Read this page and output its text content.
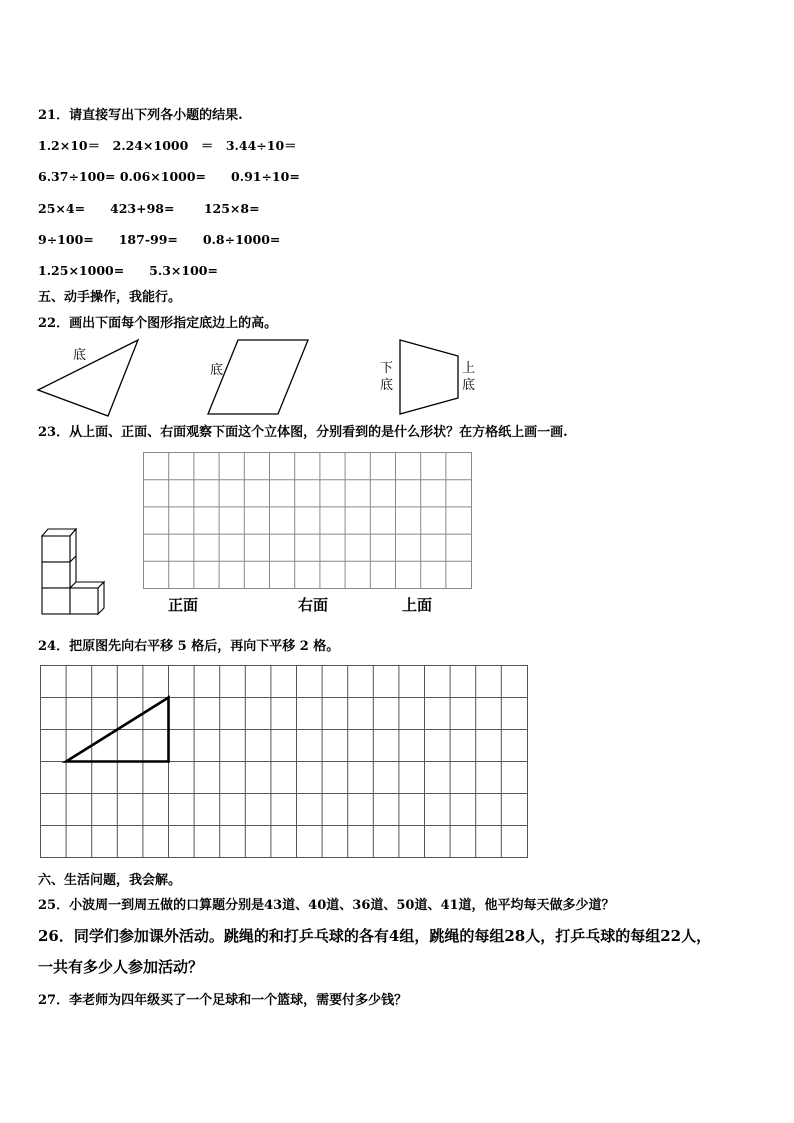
21．请直接写出下列各小题的结果.
1.2×10＝　2.24×1000　＝　3.44÷10＝
6.37÷100= 0.06×1000=　　0.91÷10=
25×4=　　423+98=　　 125×8=
9÷100=　　187-99=　　0.8÷1000=
1.25×1000=　　5.3×100=
五、动手操作，我能行。
22．画出下面每个图形指定底边上的高。
底
底	下底
上底
23．从上面、正面、右面观察下面这个立体图，分别看到的是什么形状？在方格纸上画一画.
正面	右面	上面
24．把原图先向右平移 5 格后，再向下平移 2 格。
六、生活问题，我会解。
25．小波周一到周五做的口算题分别是43道、40道、36道、50道、41道，他平均每天做多少道？
26．同学们参加课外活动。跳绳的和打乒乓球的各有4组，跳绳的每组28人，打乒乓球的每组22人，
一共有多少人参加活动？
27．李老师为四年级买了一个足球和一个篮球，需要付多少钱？
